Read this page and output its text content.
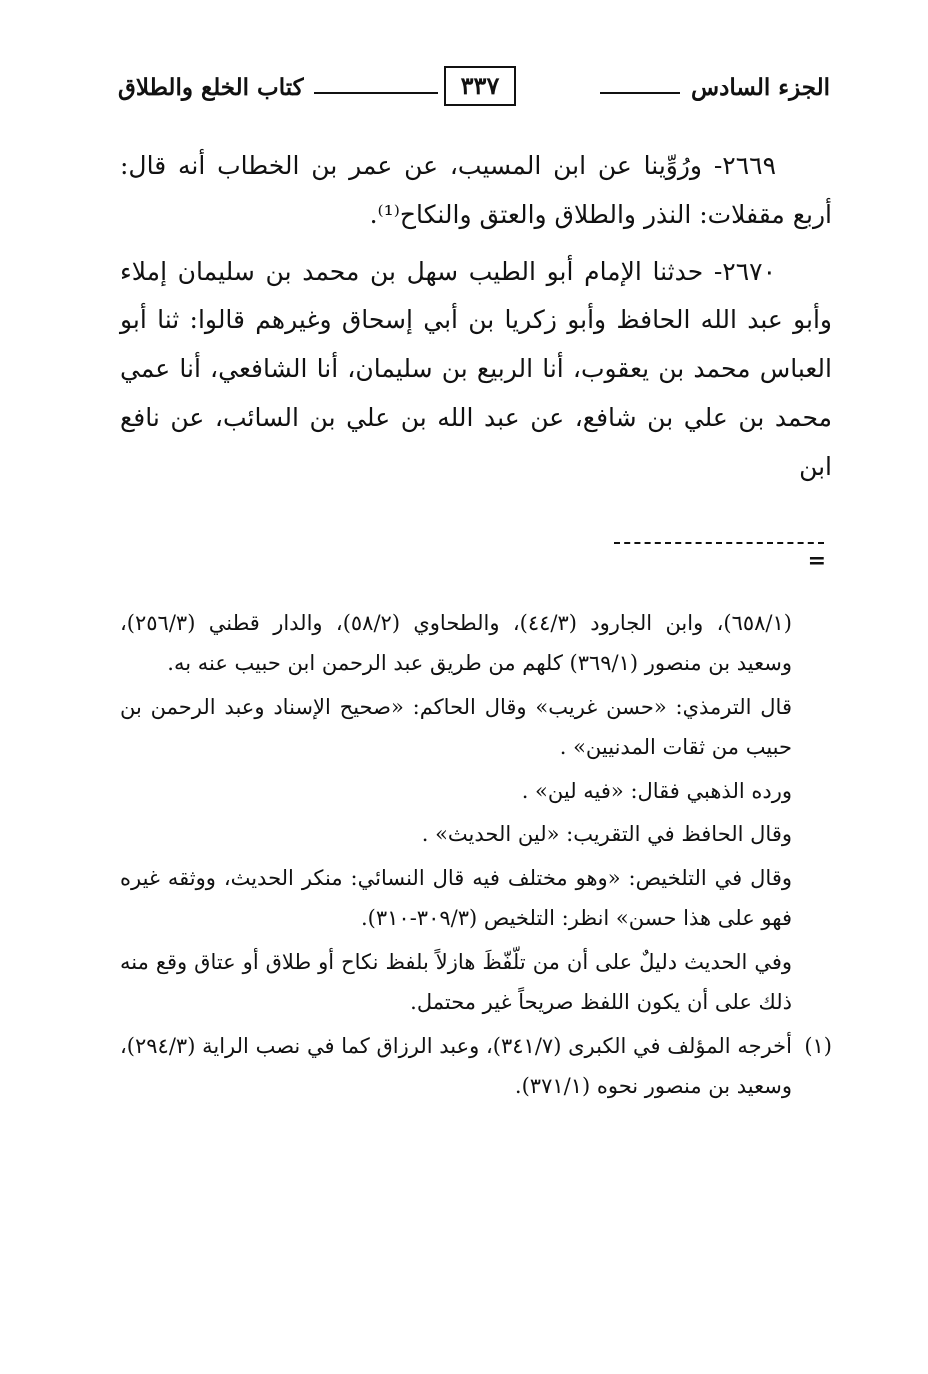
الجزء السادس
٣٣٧
كتاب الخلع والطلاق

٢٦٦٩- ورُوِّينا عن ابن المسيب، عن عمر بن الخطاب أنه قال: أربع مقفلات: النذر والطلاق والعتق والنكاح⁽¹⁾.

٢٦٧٠- حدثنا الإمام أبو الطيب سهل بن محمد بن سليمان إملاء وأبو عبد الله الحافظ وأبو زكريا بن أبي إسحاق وغيرهم قالوا: ثنا أبو العباس محمد بن يعقوب، أنا الربيع بن سليمان، أنا الشافعي، أنا عمي محمد بن علي بن شافع، عن عبد الله بن علي بن السائب، عن نافع ابن

=

(٦٥٨/١)، وابن الجارود (٤٤/٣)، والطحاوي (٥٨/٢)، والدار قطني (٢٥٦/٣)، وسعيد بن منصور (٣٦٩/١) كلهم من طريق عبد الرحمن ابن حبيب عنه به.

قال الترمذي: «حسن غريب» وقال الحاكم: «صحيح الإسناد وعبد الرحمن بن حبيب من ثقات المدنيين» .

ورده الذهبي فقال: «فيه لين» .

وقال الحافظ في التقريب: «لين الحديث» .

وقال في التلخيص: «وهو مختلف فيه قال النسائي: منكر الحديث، ووثقه غيره فهو على هذا حسن» انظر: التلخيص (٣٠٩/٣-٣١٠).

وفي الحديث دليلٌ على أن من تلّفّظَ هازلاً بلفظ نكاح أو طلاق أو عتاق وقع منه ذلك على أن يكون اللفظ صريحاً غير محتمل.

(١)
أخرجه المؤلف في الكبرى (٣٤١/٧)، وعبد الرزاق كما في نصب الراية (٢٩٤/٣)، وسعيد بن منصور نحوه (٣٧١/١).
